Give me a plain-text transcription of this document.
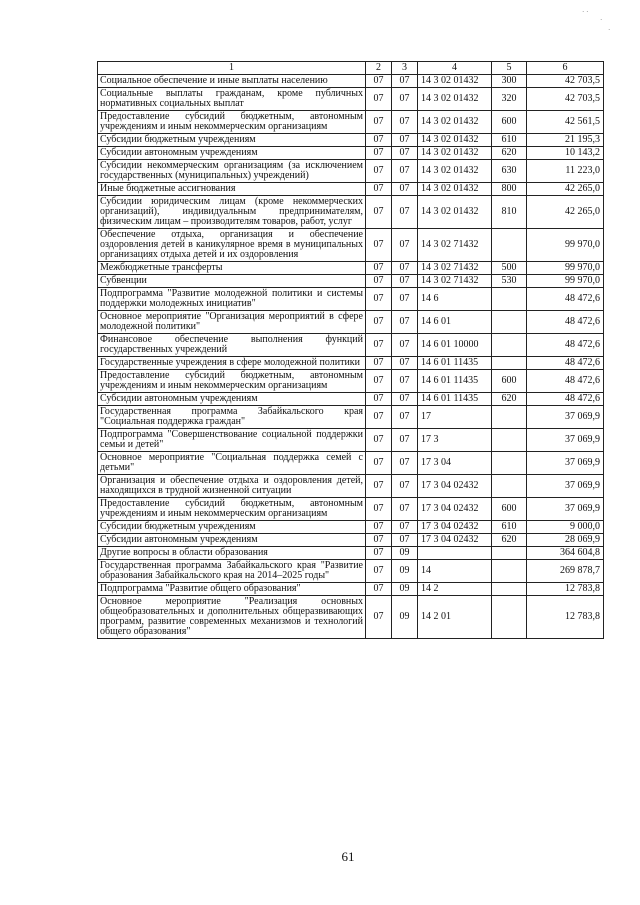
· ·
·
·
1	2	3	4	5	6
Социальное обеспечение и иные выплаты населению	07	07	14 3 02 01432	300	42 703,5
Социальные выплаты гражданам, кроме публичных нормативных социальных выплат	07	07	14 3 02 01432	320	42 703,5
Предоставление субсидий бюджетным, автономным учреждениям и иным некоммерческим организациям	07	07	14 3 02 01432	600	42 561,5
Субсидии бюджетным учреждениям	07	07	14 3 02 01432	610	21 195,3
Субсидии автономным учреждениям	07	07	14 3 02 01432	620	10 143,2
Субсидии некоммерческим организациям (за исключением государственных (муниципальных) учреждений)	07	07	14 3 02 01432	630	11 223,0
Иные бюджетные ассигнования	07	07	14 3 02 01432	800	42 265,0
Субсидии юридическим лицам (кроме некоммерческих организаций), индивидуальным предпринимателям, физическим лицам – производителям товаров, работ, услуг	07	07	14 3 02 01432	810	42 265,0
Обеспечение отдыха, организация и обеспечение оздоровления детей в каникулярное время в муниципальных организациях отдыха детей и их оздоровления	07	07	14 3 02 71432		99 970,0
Межбюджетные трансферты	07	07	14 3 02 71432	500	99 970,0
Субвенции	07	07	14 3 02 71432	530	99 970,0
Подпрограмма "Развитие молодежной политики и системы поддержки молодежных инициатив"	07	07	14 6		48 472,6
Основное мероприятие "Организация мероприятий в сфере молодежной политики"	07	07	14 6 01		48 472,6
Финансовое обеспечение выполнения функций государственных учреждений	07	07	14 6 01 10000		48 472,6
Государственные учреждения в сфере молодежной политики	07	07	14 6 01 11435		48 472,6
Предоставление субсидий бюджетным, автономным учреждениям и иным некоммерческим организациям	07	07	14 6 01 11435	600	48 472,6
Субсидии автономным учреждениям	07	07	14 6 01 11435	620	48 472,6
Государственная программа Забайкальского края "Социальная поддержка граждан"	07	07	17		37 069,9
Подпрограмма "Совершенствование социальной поддержки семьи и детей"	07	07	17 3		37 069,9
Основное мероприятие "Социальная поддержка семей с детьми"	07	07	17 3 04		37 069,9
Организация и обеспечение отдыха и оздоровления детей, находящихся в трудной жизненной ситуации	07	07	17 3 04 02432		37 069,9
Предоставление субсидий бюджетным, автономным учреждениям и иным некоммерческим организациям	07	07	17 3 04 02432	600	37 069,9
Субсидии бюджетным учреждениям	07	07	17 3 04 02432	610	9 000,0
Субсидии автономным учреждениям	07	07	17 3 04 02432	620	28 069,9
Другие вопросы в области образования	07	09			364 604,8
Государственная программа Забайкальского края "Развитие образования Забайкальского края на 2014–2025 годы"	07	09	14		269 878,7
Подпрограмма "Развитие общего образования"	07	09	14 2		12 783,8
Основное мероприятие "Реализация основных общеобразовательных и дополнительных общеразвивающих программ, развитие современных механизмов и технологий общего образования"	07	09	14 2 01		12 783,8
61
